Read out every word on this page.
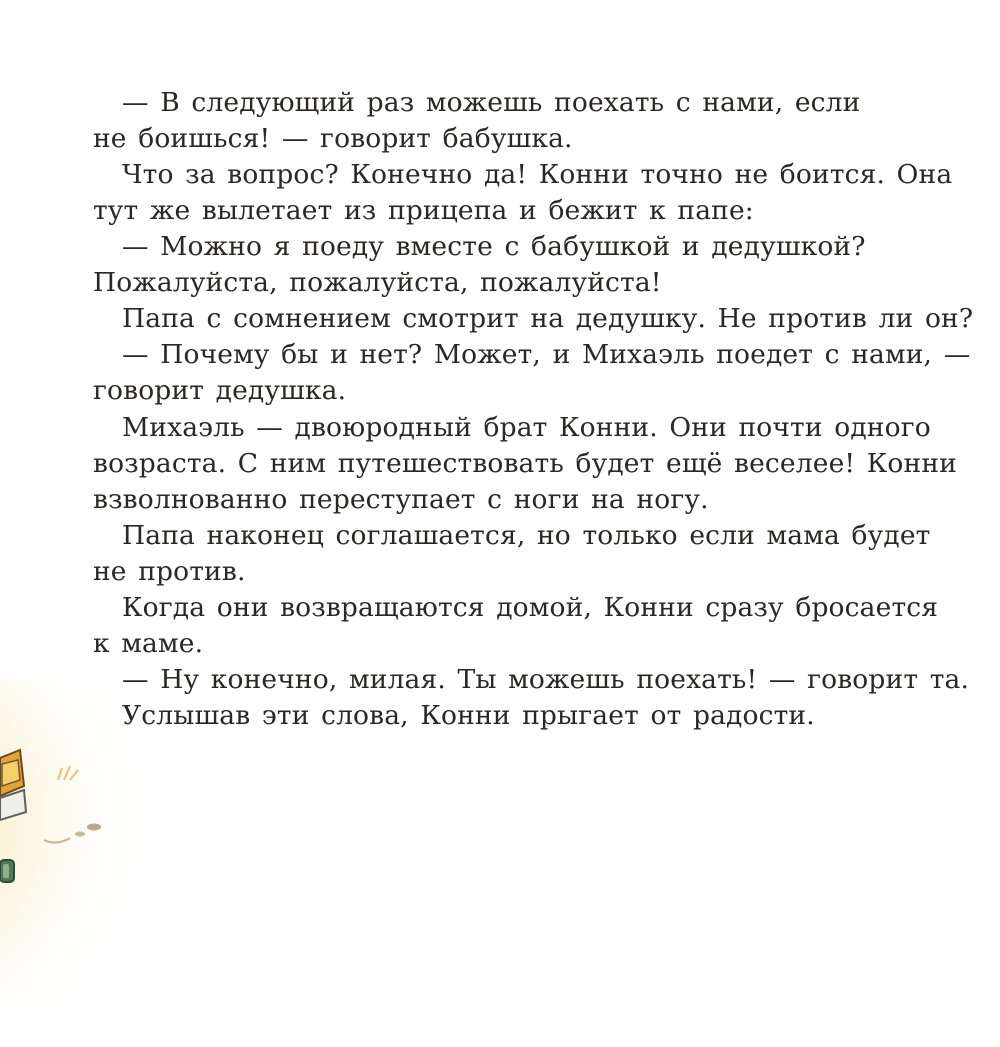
— В следующий раз можешь поехать с нами, если
не боишься! — говорит бабушка.
Что за вопрос? Конечно да! Конни точно не боится. Она
тут же вылетает из прицепа и бежит к папе:
— Можно я поеду вместе с бабушкой и дедушкой?
Пожалуйста, пожалуйста, пожалуйста!
Папа с сомнением смотрит на дедушку. Не против ли он?
— Почему бы и нет? Может, и Михаэль поедет с нами, —
говорит дедушка.
Михаэль — двоюродный брат Конни. Они почти одного
возраста. С ним путешествовать будет ещё веселее! Конни
взволнованно переступает с ноги на ногу.
Папа наконец соглашается, но только если мама будет
не против.
Когда они возвращаются домой, Конни сразу бросается
к маме.
— Ну конечно, милая. Ты можешь поехать! — говорит та.
Услышав эти слова, Конни прыгает от радости.
